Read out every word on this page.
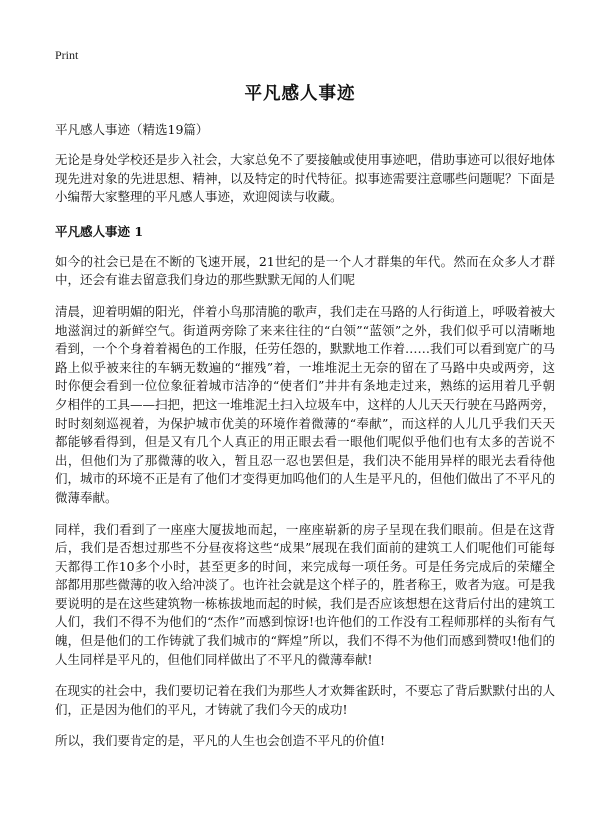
Print
平凡感人事迹
平凡感人事迹（精选19篇）

无论是身处学校还是步入社会，大家总免不了要接触或使用事迹吧，借助事迹可以很好地体现先进对象的先进思想、精神，以及特定的时代特征。拟事迹需要注意哪些问题呢？下面是小编帮大家整理的平凡感人事迹，欢迎阅读与收藏。

平凡感人事迹 1

如今的社会已是在不断的飞速开展，21世纪的是一个人才群集的年代。然而在众多人才群中，还会有谁去留意我们身边的那些默默无闻的人们呢

清晨，迎着明媚的阳光，伴着小鸟那清脆的歌声，我们走在马路的人行街道上，呼吸着被大地滋润过的新鲜空气。街道两旁除了来来往往的“白领”“蓝领”之外，我们似乎可以清晰地看到，一个个身着着褐色的工作服，任劳任怨的，默默地工作着……我们可以看到宽广的马路上似乎被来往的车辆无数遍的“摧残”着，一堆堆泥土无奈的留在了马路中央或两旁，这时你便会看到一位位象征着城市洁净的“使者们”井井有条地走过来，熟练的运用着几乎朝夕相伴的工具——扫把，把这一堆堆泥土扫入垃圾车中，这样的人儿天天行驶在马路两旁，时时刻刻巡视着，为保护城市优美的环境作着微薄的“奉献”，而这样的人儿几乎我们天天都能够看得到，但是又有几个人真正的用正眼去看一眼他们呢似乎他们也有太多的苦说不出，但他们为了那微薄的收入，暂且忍一忍也罢但是，我们决不能用异样的眼光去看待他们，城市的环境不正是有了他们才变得更加呜他们的人生是平凡的，但他们做出了不平凡的微薄奉献。

同样，我们看到了一座座大厦拔地而起，一座座崭新的房子呈现在我们眼前。但是在这背后，我们是否想过那些不分昼夜将这些“成果”展现在我们面前的建筑工人们呢他们可能每天都得工作10多个小时，甚至更多的时间，来完成每一项任务。可是任务完成后的荣耀全部都用那些微薄的收入给冲淡了。也许社会就是这个样子的，胜者称王，败者为寇。可是我要说明的是在这些建筑物一栋栋拔地而起的时候，我们是否应该想想在这背后付出的建筑工人们，我们不得不为他们的“杰作”而感到惊讶!也许他们的工作没有工程师那样的头衔有气魄，但是他们的工作铸就了我们城市的“辉煌”所以，我们不得不为他们而感到赞叹!他们的人生同样是平凡的，但他们同样做出了不平凡的微薄奉献!

在现实的社会中，我们要切记着在我们为那些人才欢舞雀跃时，不要忘了背后默默付出的人们，正是因为他们的平凡，才铸就了我们今天的成功!

所以，我们要肯定的是，平凡的人生也会创造不平凡的价值!
